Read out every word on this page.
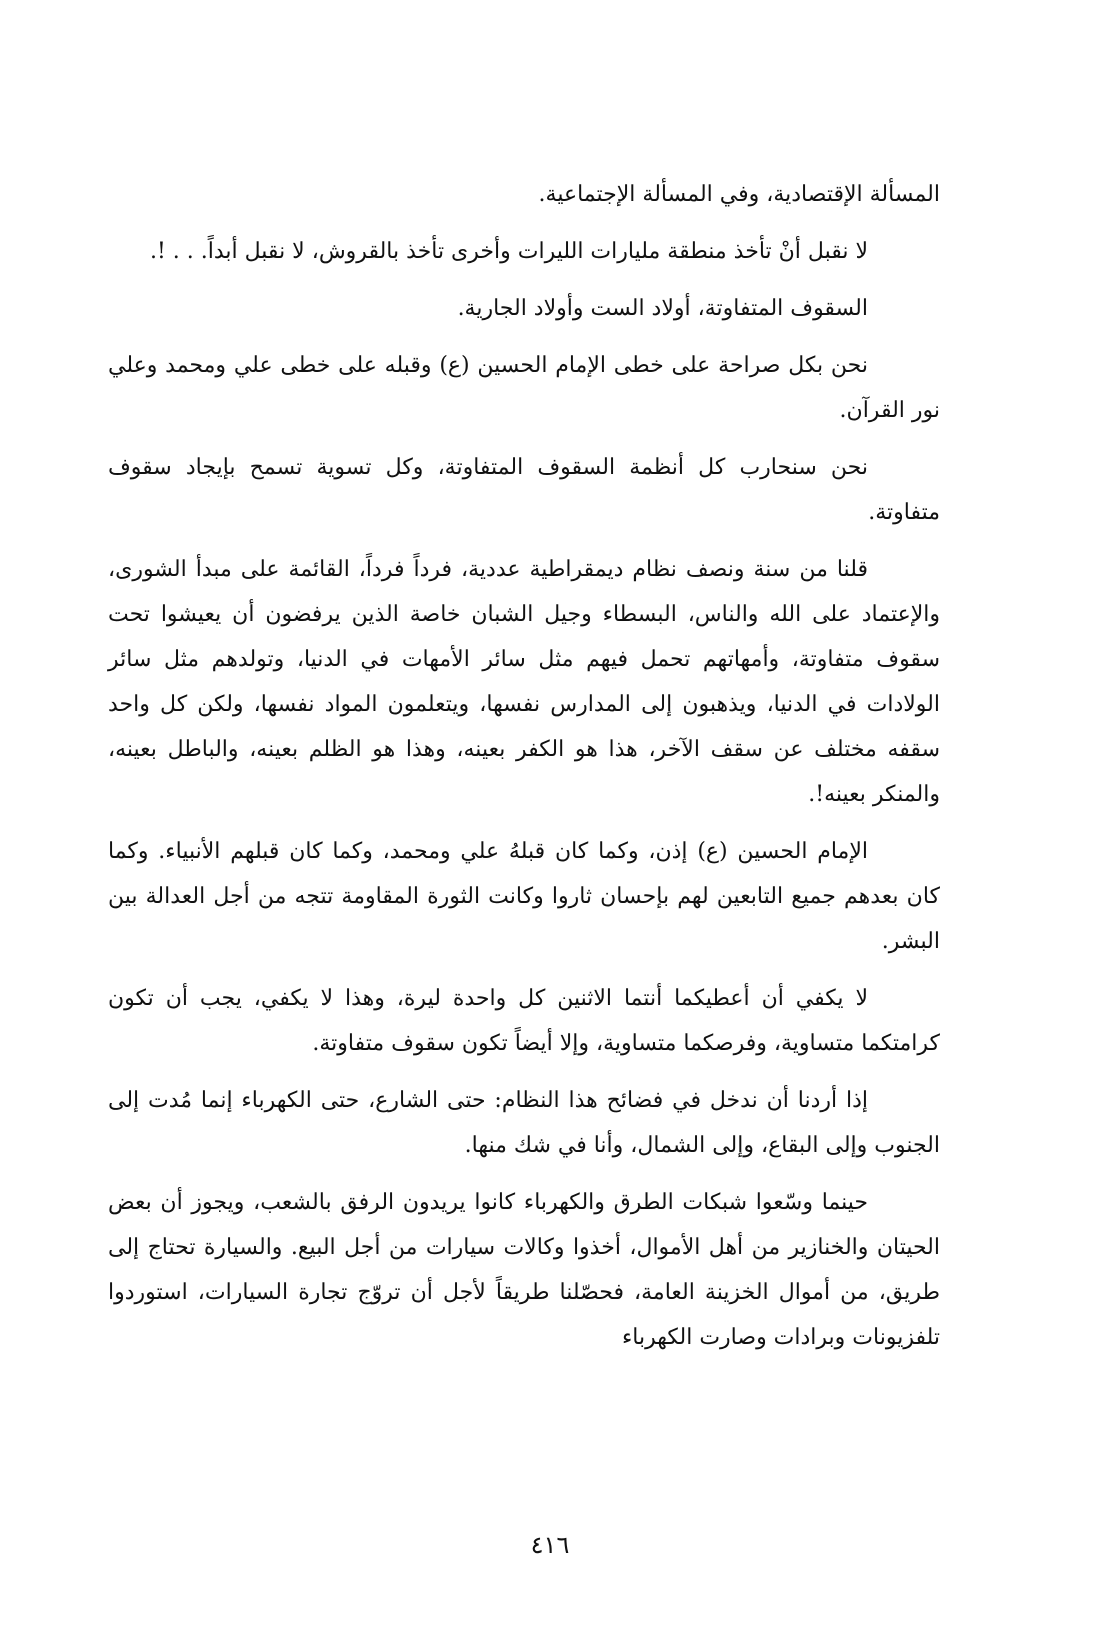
المسألة الإقتصادية، وفي المسألة الإجتماعية.

لا نقبل أنْ تأخذ منطقة مليارات الليرات وأخرى تأخذ بالقروش، لا نقبل أبداً. . . !.

السقوف المتفاوتة، أولاد الست وأولاد الجارية.

نحن بكل صراحة على خطى الإمام الحسين (ع) وقبله على خطى علي ومحمد وعلي نور القرآن.

نحن سنحارب كل أنظمة السقوف المتفاوتة، وكل تسوية تسمح بإيجاد سقوف متفاوتة.

قلنا من سنة ونصف نظام ديمقراطية عددية، فرداً فرداً، القائمة على مبدأ الشورى، والإعتماد على الله والناس، البسطاء وجيل الشبان خاصة الذين يرفضون أن يعيشوا تحت سقوف متفاوتة، وأمهاتهم تحمل فيهم مثل سائر الأمهات في الدنيا، وتولدهم مثل سائر الولادات في الدنيا، ويذهبون إلى المدارس نفسها، ويتعلمون المواد نفسها، ولكن كل واحد سقفه مختلف عن سقف الآخر، هذا هو الكفر بعينه، وهذا هو الظلم بعينه، والباطل بعينه، والمنكر بعينه!.

الإمام الحسين (ع) إذن، وكما كان قبلهُ علي ومحمد، وكما كان قبلهم الأنبياء. وكما كان بعدهم جميع التابعين لهم بإحسان ثاروا وكانت الثورة المقاومة تتجه من أجل العدالة بين البشر.

لا يكفي أن أعطيكما أنتما الاثنين كل واحدة ليرة، وهذا لا يكفي، يجب أن تكون كرامتكما متساوية، وفرصكما متساوية، وإلا أيضاً تكون سقوف متفاوتة.

إذا أردنا أن ندخل في فضائح هذا النظام: حتى الشارع، حتى الكهرباء إنما مُدت إلى الجنوب وإلى البقاع، وإلى الشمال، وأنا في شك منها.

حينما وسّعوا شبكات الطرق والكهرباء كانوا يريدون الرفق بالشعب، ويجوز أن بعض الحيتان والخنازير من أهل الأموال، أخذوا وكالات سيارات من أجل البيع. والسيارة تحتاج إلى طريق، من أموال الخزينة العامة، فحصّلنا طريقاً لأجل أن تروّج تجارة السيارات، استوردوا تلفزيونات وبرادات وصارت الكهرباء

٤١٦
